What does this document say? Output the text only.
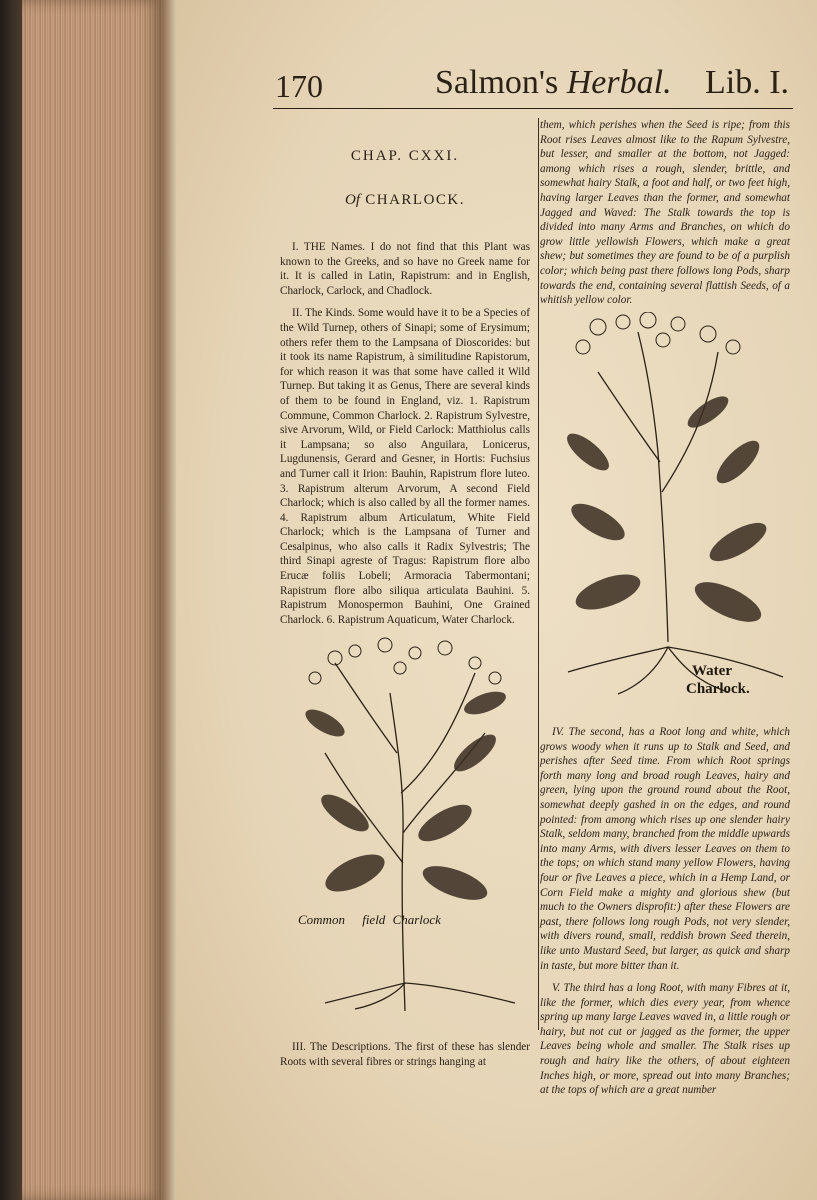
170	Salmon's Herbal. Lib. I.
CHAP. CXXI.
Of CHARLOCK.

I. THE Names. I do not find that this Plant was known to the Greeks, and so have no Greek name for it. It is called in Latin, Rapistrum: and in English, Charlock, Carlock, and Chadlock.

II. The Kinds. Some would have it to be a Species of the Wild Turnep, others of Sinapi; some of Erysimum; others refer them to the Lampsana of Dioscorides: but it took its name Rapistrum, à similitudine Rapistorum, for which reason it was that some have called it Wild Turnep. But taking it as Genus, There are several kinds of them to be found in England, viz. 1. Rapistrum Commune, Common Charlock. 2. Rapistrum Sylvestre, sive Arvorum, Wild, or Field Carlock: Matthiolus calls it Lampsana; so also Anguilara, Lonicerus, Lugdunensis, Gerard and Gesner, in Hortis: Fuchsius and Turner call it Irion: Bauhin, Rapistrum flore luteo. 3. Rapistrum alterum Arvorum, A second Field Charlock; which is also called by all the former names. 4. Rapistrum album Articulatum, White Field Charlock; which is the Lampsana of Turner and Cesalpinus, who also calls it Radix Sylvestris; The third Sinapi agreste of Tragus: Rapistrum flore albo Erucæ foliis Lobeli; Armoracia Tabermontani; Rapistrum flore albo siliqua articulata Bauhini. 5. Rapistrum Monospermon Bauhini, One Grained Charlock. 6. Rapistrum Aquaticum, Water Charlock.

Common field Charlock

III. The Descriptions. The first of these has slender Roots with several fibres or strings hanging at

them, which perishes when the Seed is ripe; from this Root rises Leaves almost like to the Rapum Sylvestre, but lesser, and smaller at the bottom, not Jagged: among which rises a rough, slender, brittle, and somewhat hairy Stalk, a foot and half, or two feet high, having larger Leaves than the former, and somewhat Jagged and Waved: The Stalk towards the top is divided into many Arms and Branches, on which do grow little yellowish Flowers, which make a great shew; but sometimes they are found to be of a purplish color; which being past there follows long Pods, sharp towards the end, containing several flattish Seeds, of a whitish yellow color.

Water
Charlock.

IV. The second, has a Root long and white, which grows woody when it runs up to Stalk and Seed, and perishes after Seed time. From which Root springs forth many long and broad rough Leaves, hairy and green, lying upon the ground round about the Root, somewhat deeply gashed in on the edges, and round pointed: from among which rises up one slender hairy Stalk, seldom many, branched from the middle upwards into many Arms, with divers lesser Leaves on them to the tops; on which stand many yellow Flowers, having four or five Leaves a piece, which in a Hemp Land, or Corn Field make a mighty and glorious shew (but much to the Owners disprofit:) after these Flowers are past, there follows long rough Pods, not very slender, with divers round, small, reddish brown Seed therein, like unto Mustard Seed, but larger, as quick and sharp in taste, but more bitter than it.

V. The third has a long Root, with many Fibres at it, like the former, which dies every year, from whence spring up many large Leaves waved in, a little rough or hairy, but not cut or jagged as the former, the upper Leaves being whole and smaller. The Stalk rises up rough and hairy like the others, of about eighteen Inches high, or more, spread out into many Branches; at the tops of which are a great number
